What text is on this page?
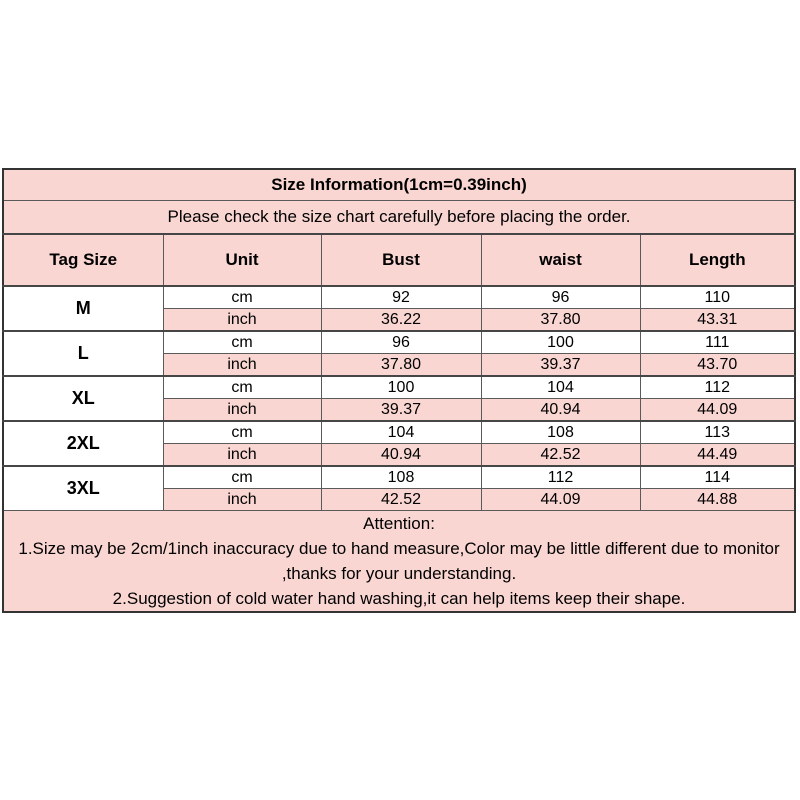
Size Information(1cm=0.39inch)				
Please check the size chart carefully before placing the order.				
Tag Size	Unit	Bust	waist	Length
M	cm	92	96	110
	inch	36.22	37.80	43.31
L	cm	96	100	111
	inch	37.80	39.37	43.70
XL	cm	100	104	112
	inch	39.37	40.94	44.09
2XL	cm	104	108	113
	inch	40.94	42.52	44.49
3XL	cm	108	112	114
	inch	42.52	44.09	44.88

Attention:
1.Size may be 2cm/1inch inaccuracy due to hand measure,Color may be little different due to monitor
,thanks for your understanding.
2.Suggestion of cold water hand washing,it can help items keep their shape.				
